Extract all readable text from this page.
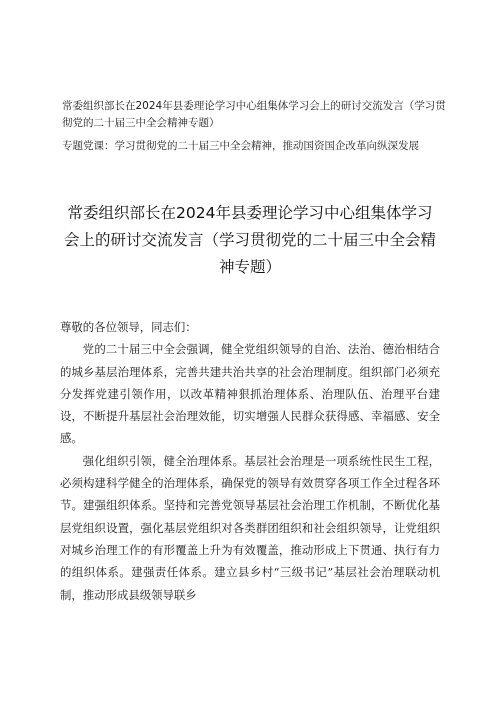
常委组织部长在2024年县委理论学习中心组集体学习会上的研讨交流发言（学习贯彻党的二十届三中全会精神专题）

专题党课：学习贯彻党的二十届三中全会精神，推动国资国企改革向纵深发展

常委组织部长在2024年县委理论学习中心组集体学习会上的研讨交流发言（学习贯彻党的二十届三中全会精神专题）

尊敬的各位领导，同志们：

党的二十届三中全会强调，健全党组织领导的自治、法治、德治相结合的城乡基层治理体系，完善共建共治共享的社会治理制度。组织部门必须充分发挥党建引领作用，以改革精神狠抓治理体系、治理队伍、治理平台建设，不断提升基层社会治理效能，切实增强人民群众获得感、幸福感、安全感。

强化组织引领，健全治理体系。基层社会治理是一项系统性民生工程，必须构建科学健全的治理体系，确保党的领导有效贯穿各项工作全过程各环节。建强组织体系。坚持和完善党领导基层社会治理工作机制，不断优化基层党组织设置，强化基层党组织对各类群团组织和社会组织领导，让党组织对城乡治理工作的有形覆盖上升为有效覆盖，推动形成上下贯通、执行有力的组织体系。建强责任体系。建立县乡村“三级书记”基层社会治理联动机制，推动形成县级领导联乡
